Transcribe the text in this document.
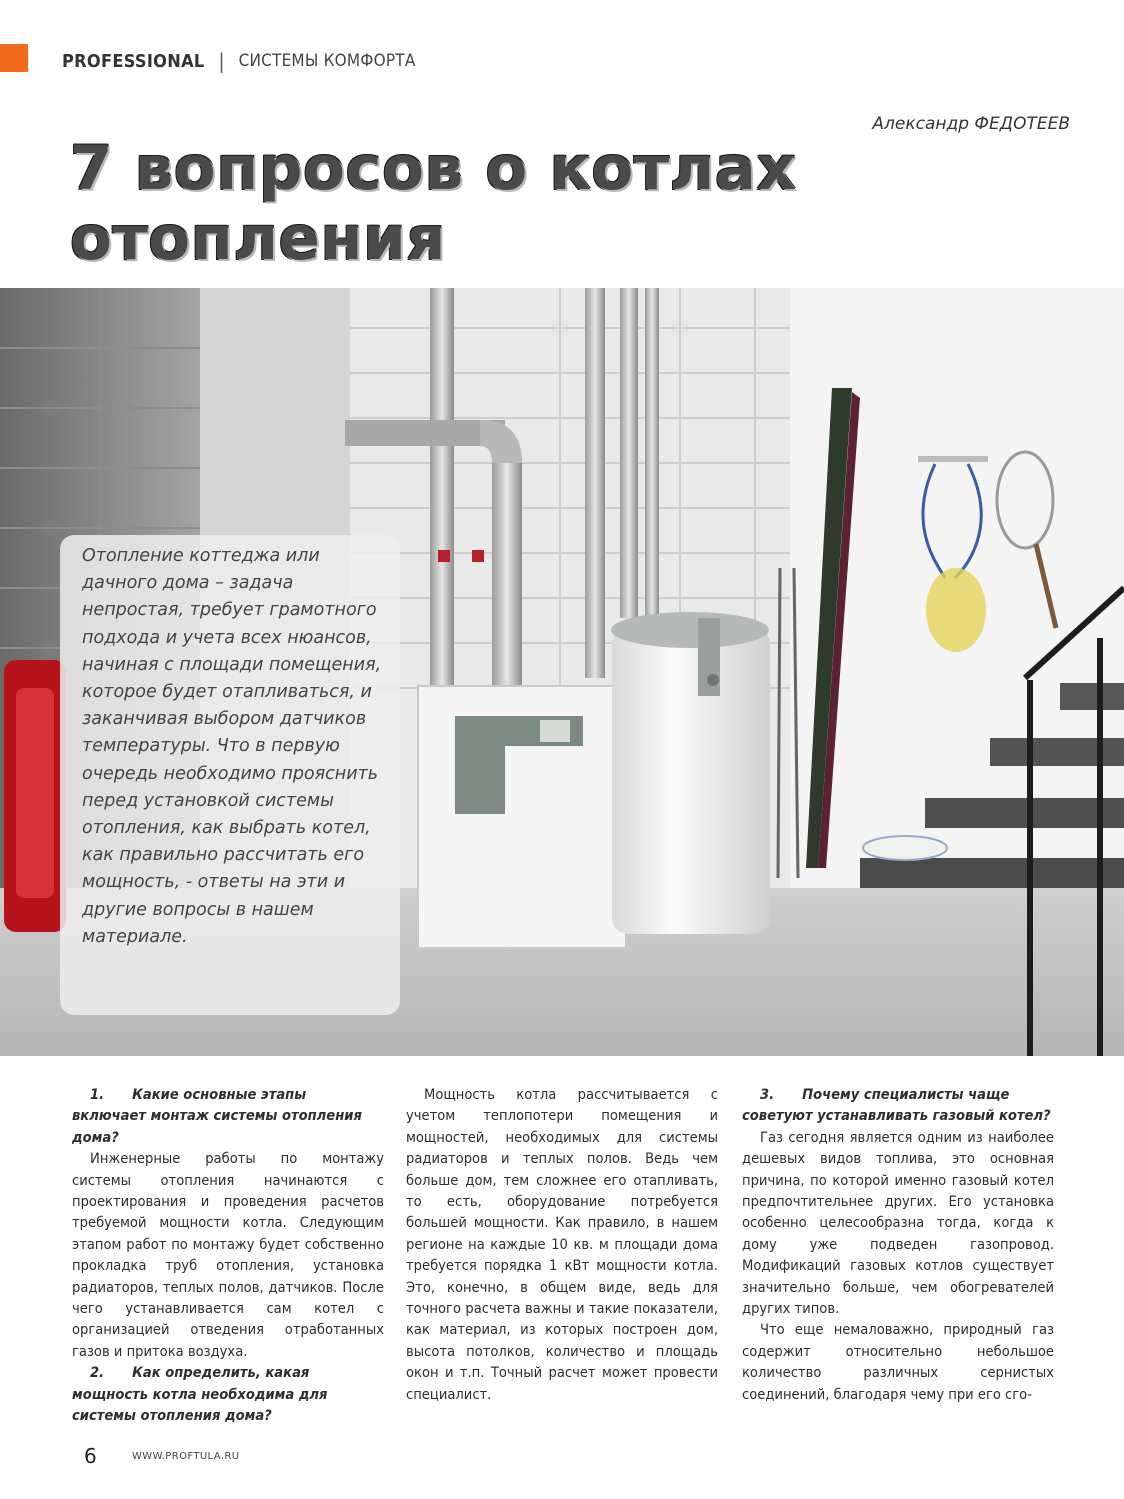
PROFESSIONAL | СИСТЕМЫ КОМФОРТА
Александр ФЕДОТЕЕВ
7 вопросов о котлах отопления

Отопление коттеджа или дачного дома – задача непростая, требует грамотного подхода и учета всех нюансов, начиная с площади помещения, которое будет отапливаться, и заканчивая выбором датчиков температуры. Что в первую очередь необходимо прояснить перед установкой системы отопления, как выбрать котел, как правильно рассчитать его мощность, - ответы на эти и другие вопросы в нашем материале.

1. Какие основные этапы включает монтаж системы отопления дома?

Инженерные работы по монтажу системы отопления начинаются с проектирования и проведения расчетов требуемой мощности котла. Следующим этапом работ по монтажу будет собственно прокладка труб отопления, установка радиаторов, теплых полов, датчиков. После чего устанавливается сам котел с организацией отведения отработанных газов и притока воздуха.

2. Как определить, какая мощность котла необходима для системы отопления дома?

Мощность котла рассчитывается с учетом теплопотери помещения и мощностей, необходимых для системы радиаторов и теплых полов. Ведь чем больше дом, тем сложнее его отапливать, то есть, оборудование потребуется большей мощности. Как правило, в нашем регионе на каждые 10 кв. м площади дома требуется порядка 1 кВт мощности котла. Это, конечно, в общем виде, ведь для точного расчета важны и такие показатели, как материал, из которых построен дом, высота потолков, количество и площадь окон и т.п. Точный расчет может провести специалист.

3. Почему специалисты чаще советуют устанавливать газовый котел?

Газ сегодня является одним из наиболее дешевых видов топлива, это основная причина, по которой именно газовый котел предпочтительнее других. Его установка особенно целесообразна тогда, когда к дому уже подведен газопровод. Модификаций газовых котлов существует значительно больше, чем обогревателей других типов.

Что еще немаловажно, природный газ содержит относительно небольшое количество различных сернистых соединений, благодаря чему при его сго-

6	WWW.PROFTULA.RU
